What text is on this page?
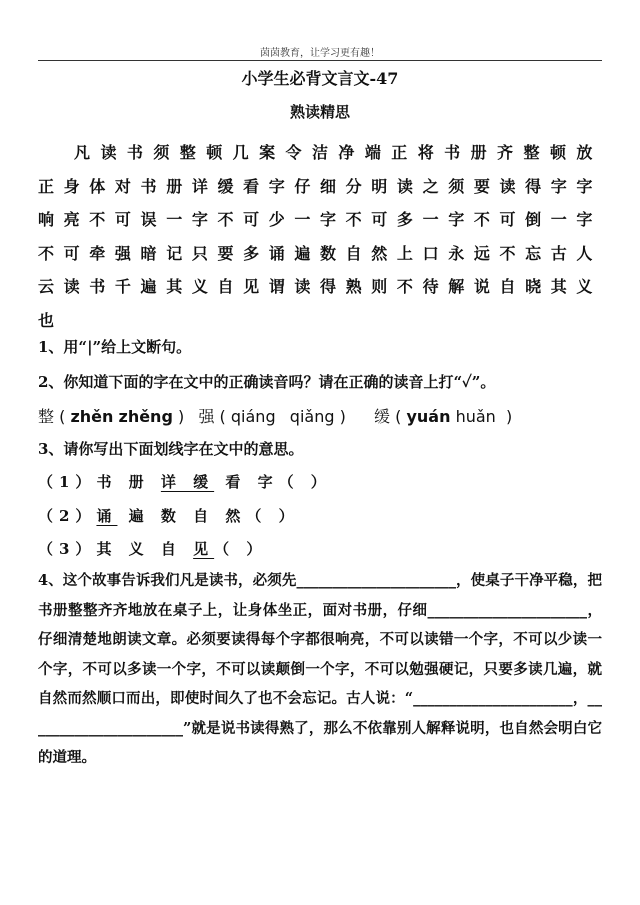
茵茵教育，让学习更有趣！
小学生必背文言文-47
熟读精思
凡读书须整顿几案令洁净端正将书册齐整顿放正身体对书册详缓看字仔细分明读之须要读得字字响亮不可误一字不可少一字不可多一字不可倒一字不可牵强暗记只要多诵遍数自然上口永远不忘古人云读书千遍其义自见谓读得熟则不待解说自晓其义也
1、用“|”给上文断句。
2、你知道下面的字在文中的正确读音吗？请在正确的读音上打“✓”。
整 ( zhěn zhěng ) 强 ( qiáng qiǎng ) 缓 ( yuán huǎn  )
3、请你写出下面划线字在文中的意思。
（1）书 册 详 缓 看 字（ ）
（2）诵 遍 数 自 然（ ）
（3）其 义 自 见（ ）
4、这个故事告诉我们凡是读书，必须先______________________，使桌子干净平稳，把书册整整齐齐地放在桌子上，让身体坐正，面对书册，仔细______________________，仔细清楚地朗读文章。必须要读得每个字都很响亮，不可以读错一个字，不可以少读一个字，不可以多读一个字，不可以读颠倒一个字，不可以勉强硬记，只要多读几遍，就自然而然顺口而出，即使时间久了也不会忘记。古人说：“______________________，______________________”就是说书读得熟了，那么不依靠别人解释说明，也自然会明白它的道理。
